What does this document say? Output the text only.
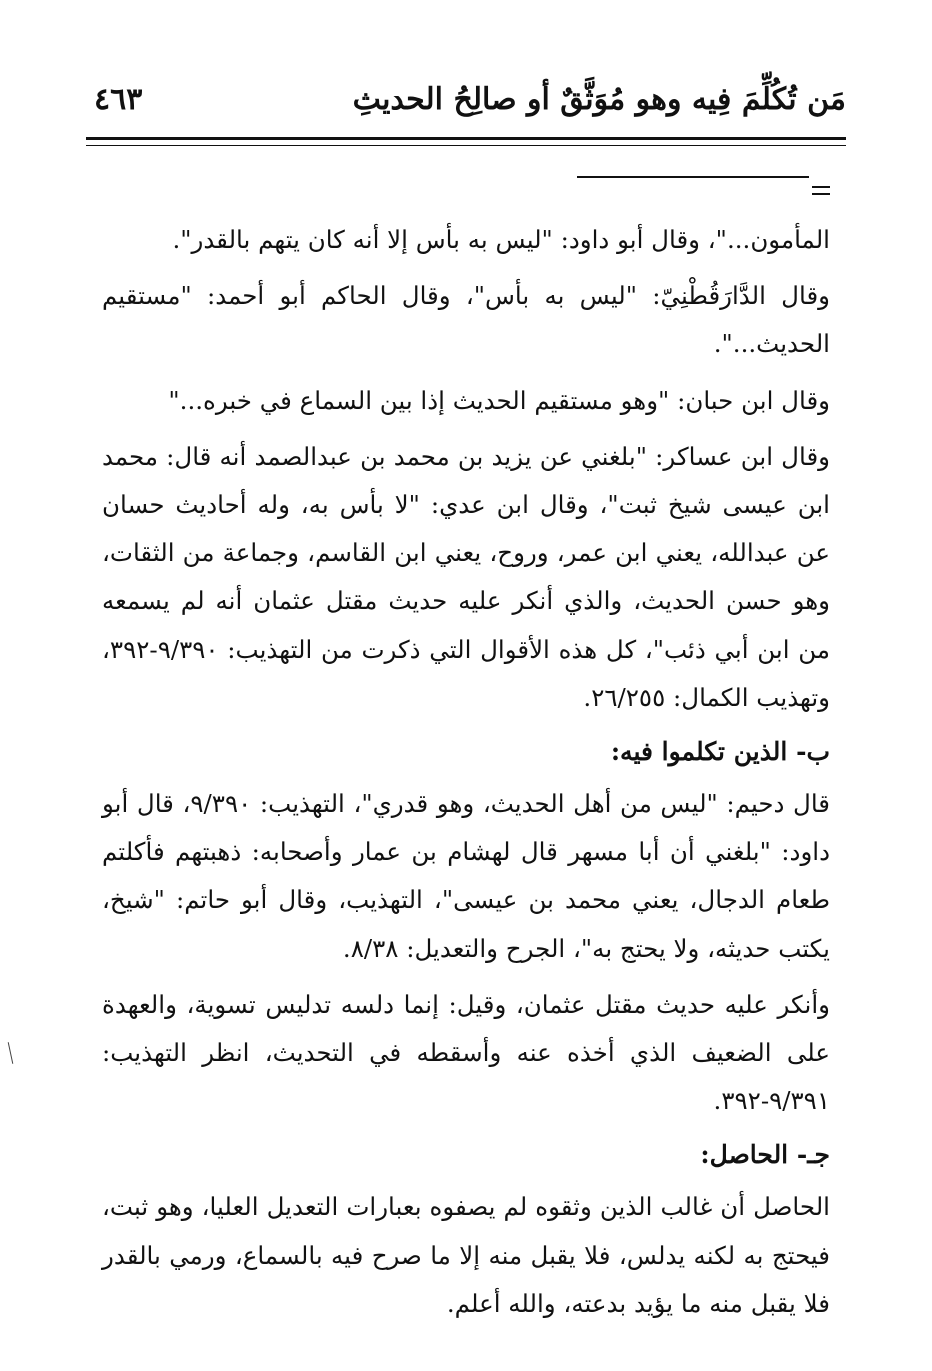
مَن تُكُلِّمَ فِيه وهو مُوَثَّقٌ أو صالِحُ الحديثِ
٤٦٣

المأمون..."، وقال أبو داود: "ليس به بأس إلا أنه كان يتهم بالقدر".

وقال الدَّارَقُطْنِيّ: "ليس به بأس"، وقال الحاكم أبو أحمد: "مستقيم الحديث...".

وقال ابن حبان: "وهو مستقيم الحديث إذا بين السماع في خبره..."

وقال ابن عساكر: "بلغني عن يزيد بن محمد بن عبدالصمد أنه قال: محمد ابن عيسى شيخ ثبت"، وقال ابن عدي: "لا بأس به، وله أحاديث حسان عن عبدالله، يعني ابن عمر، وروح، يعني ابن القاسم، وجماعة من الثقات، وهو حسن الحديث، والذي أنكر عليه حديث مقتل عثمان أنه لم يسمعه من ابن أبي ذئب"، كل هذه الأقوال التي ذكرت من التهذيب: ٩/٣٩٠-٣٩٢، وتهذيب الكمال: ٢٦/٢٥٥.

ب- الذين تكلموا فيه:

قال دحيم: "ليس من أهل الحديث، وهو قدري"، التهذيب: ٩/٣٩٠، قال أبو داود: "بلغني أن أبا مسهر قال لهشام بن عمار وأصحابه: ذهبتهم فأكلتم طعام الدجال، يعني محمد بن عيسى"، التهذيب، وقال أبو حاتم: "شيخ، يكتب حديثه، ولا يحتج به"، الجرح والتعديل: ٨/٣٨.

وأنكر عليه حديث مقتل عثمان، وقيل: إنما دلسه تدليس تسوية، والعهدة على الضعيف الذي أخذه عنه وأسقطه في التحديث، انظر التهذيب: ٩/٣٩١-٣٩٢.

جـ- الحاصل:

الحاصل أن غالب الذين وثقوه لم يصفوه بعبارات التعديل العليا، وهو ثبت، فيحتج به لكنه يدلس، فلا يقبل منه إلا ما صرح فيه بالسماع، ورمي بالقدر فلا يقبل منه ما يؤيد بدعته، والله أعلم.
